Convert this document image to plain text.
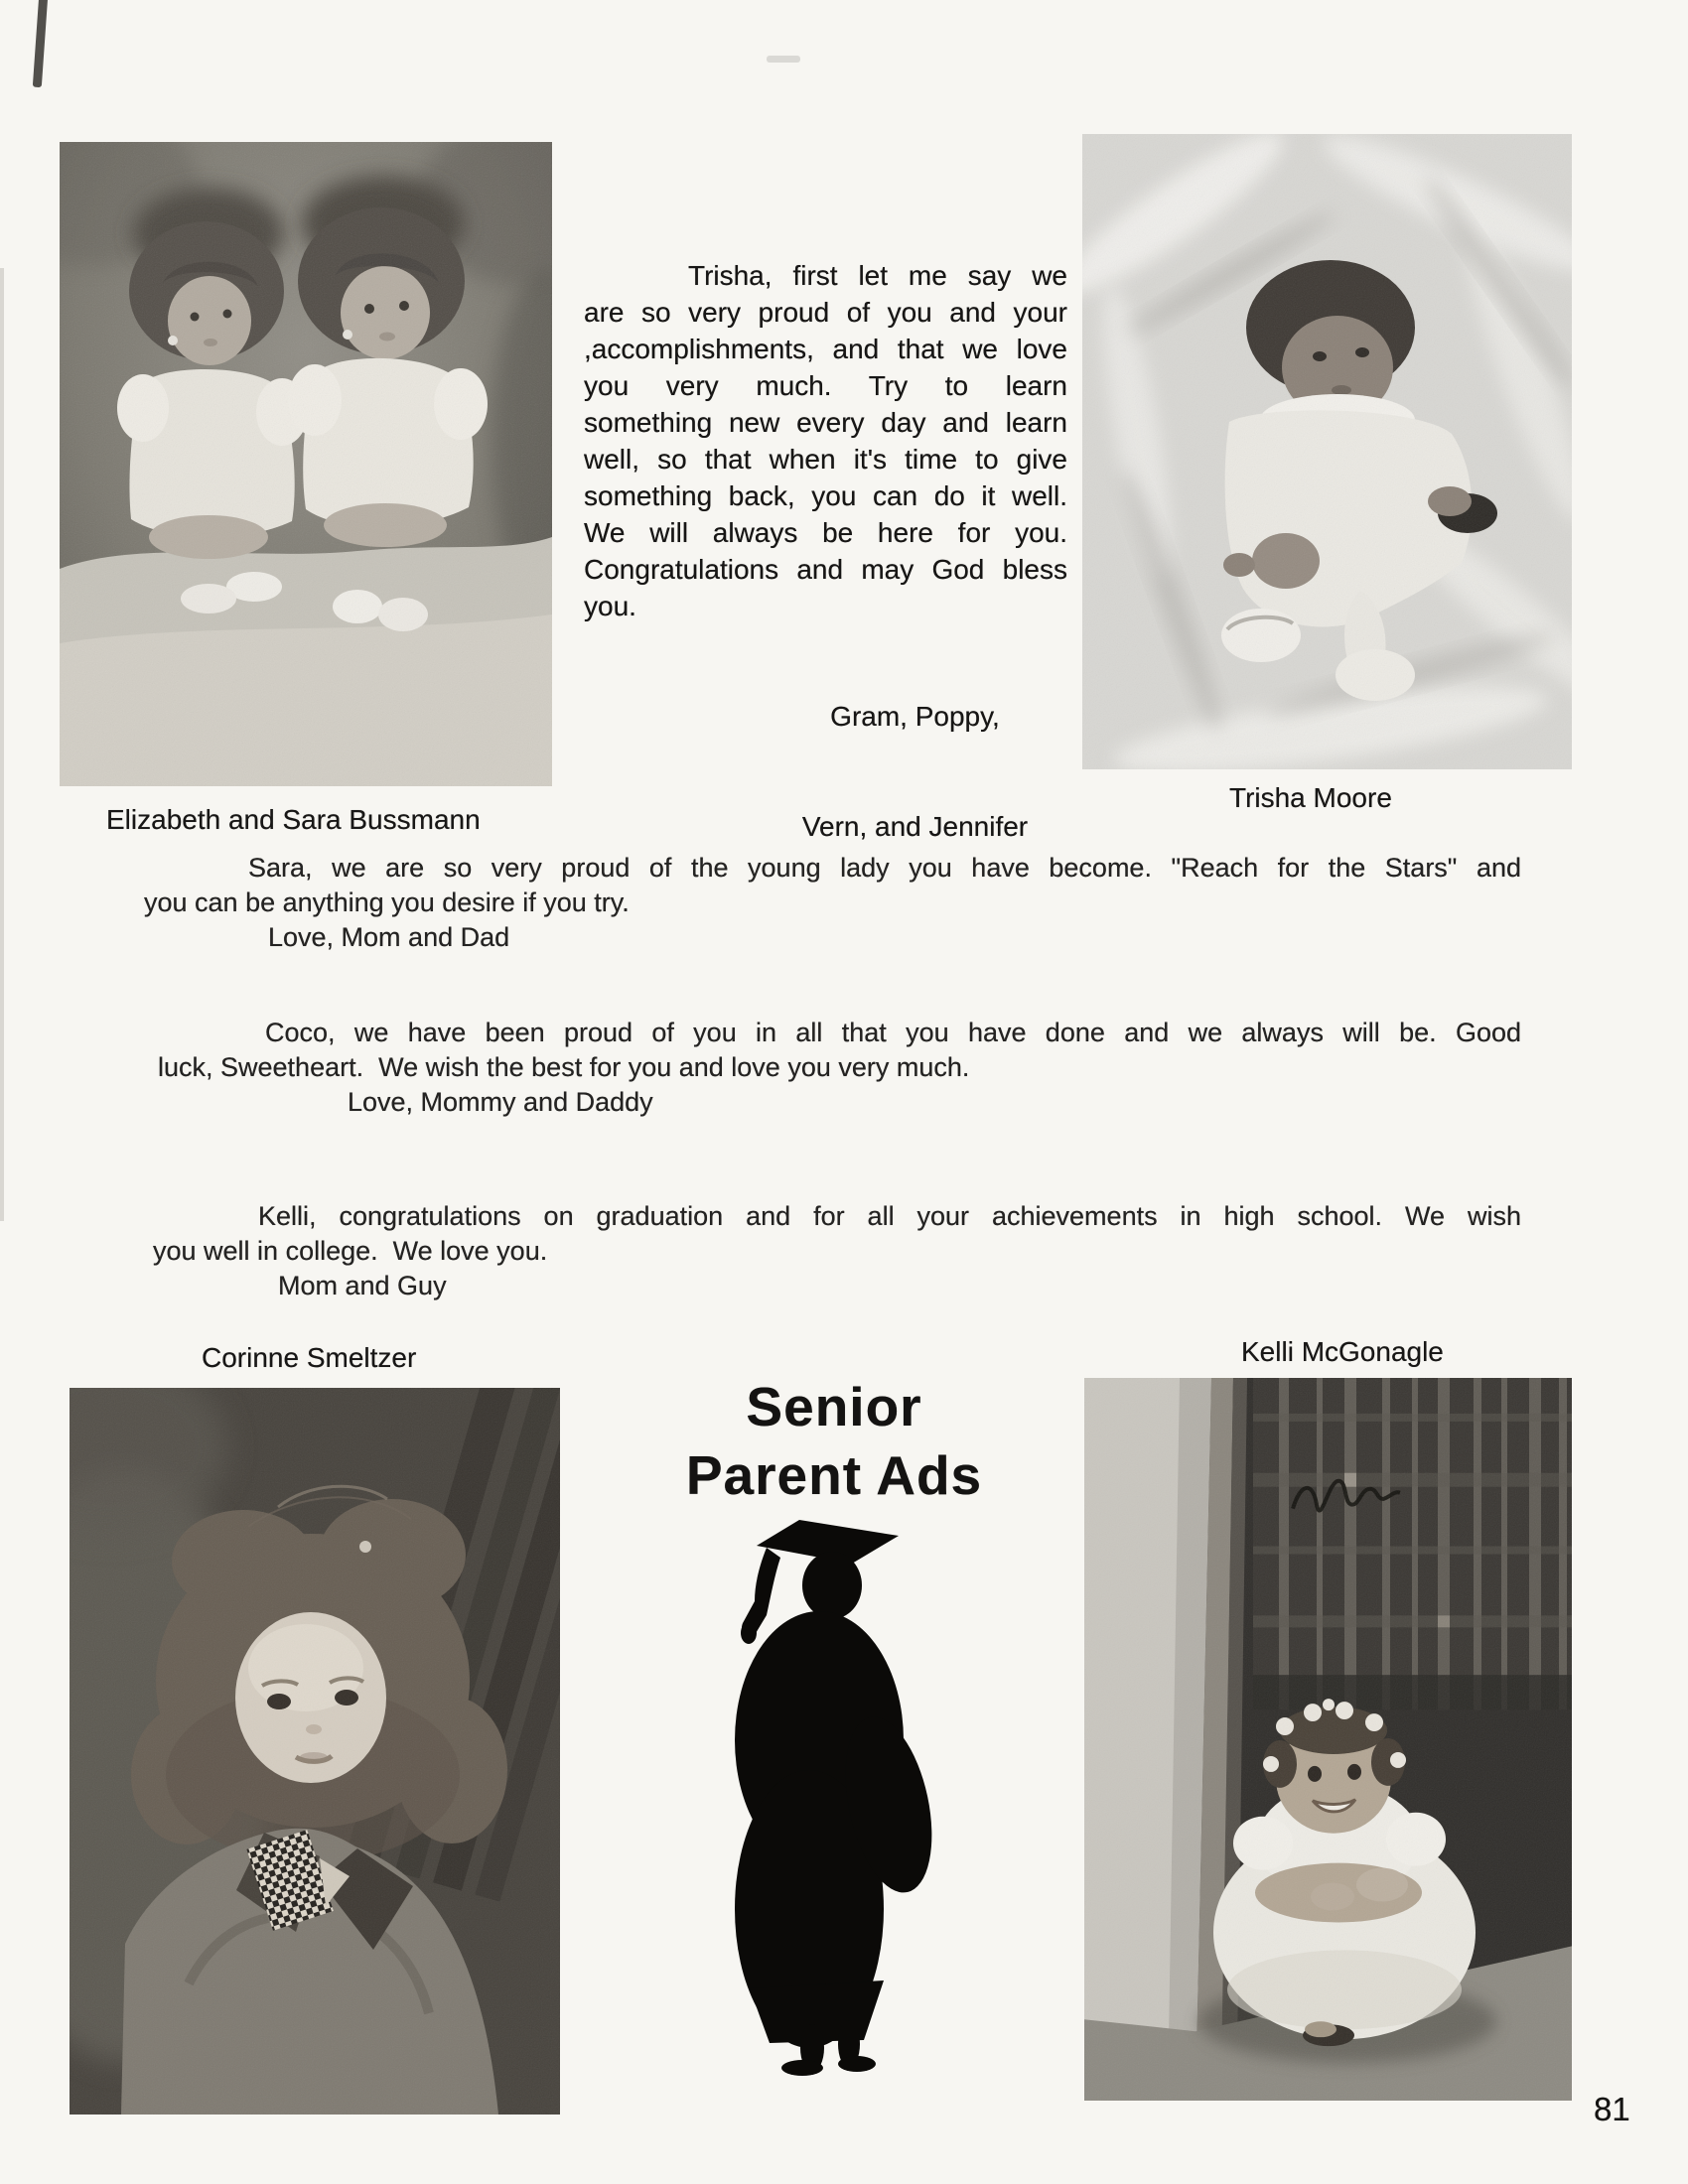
Elizabeth and Sara Bussmann
Trisha, first let me say we
are so very proud of you and your
,accomplishments, and that we love
you very much. Try to learn
something new every day and learn
well, so that when it's time to give
something back, you can do it well.
We will always be here for you.
Congratulations and may God bless
you.

Gram, Poppy,

Vern, and Jennifer

Trisha Moore
Sara, we are so very proud of the young lady you have become. "Reach for the Stars" and
you can be anything you desire if you try.
Love, Mom and Dad
Coco, we have been proud of you in all that you have done and we always will be. Good
luck, Sweetheart.  We wish the best for you and love you very much.
Love, Mommy and Daddy
Kelli, congratulations on graduation and for all your achievements in high school. We wish
you well in college.  We love you.
Mom and Guy
Corinne Smeltzer	Kelli McGonagle
Senior
Parent Ads
81
